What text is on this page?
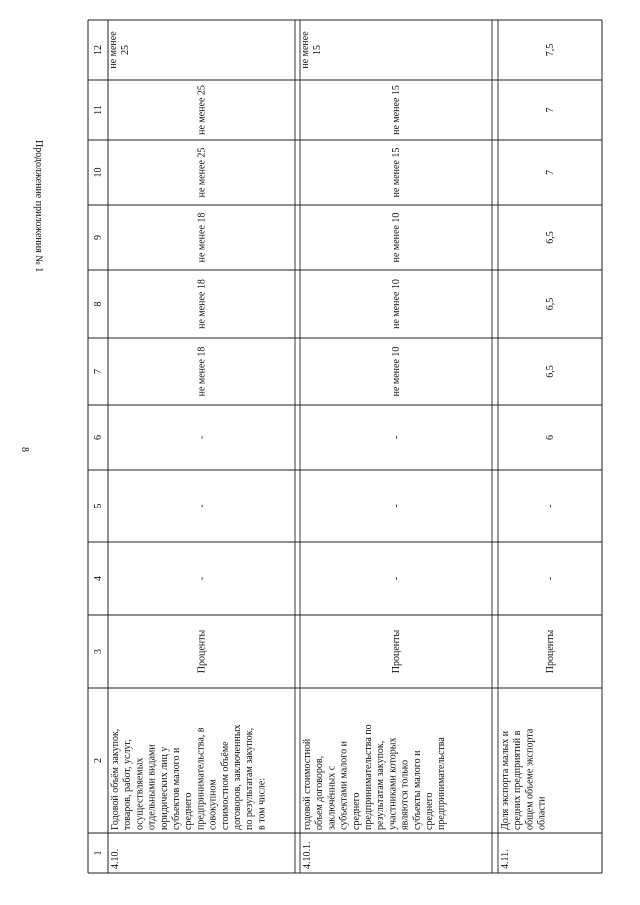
8
Продолжение приложения № 1
1
2
3
4
5
6
7
8
9
10
11
12
4.10.
Годовой объём закупок, товаров, работ, услуг, осуществляемых отдельными видами юридических лиц у субъектов малого и среднего предпринимательства, в совокупном стоимостном объёме договоров, заключенных по результатам закупок, в том числе:
Проценты
-
-
-
не менее 18
не менее 18
не менее 18
не менее 25
не менее 25
не менее 25
4.10.1.
годовой стоимостной объем договоров, заключённых с субъектами малого и среднего предпринимательства по результатам закупок, участниками которых являются только субъекты малого и среднего предпринимательства
Проценты
-
-
-
не менее 10
не менее 10
не менее 10
не менее 15
не менее 15
не менее 15
4.11.
Доля экспорта малых и средних предприятий в общем объеме экспорта области
Проценты
-
-
6
6,5
6,5
6,5
7
7
7,5
